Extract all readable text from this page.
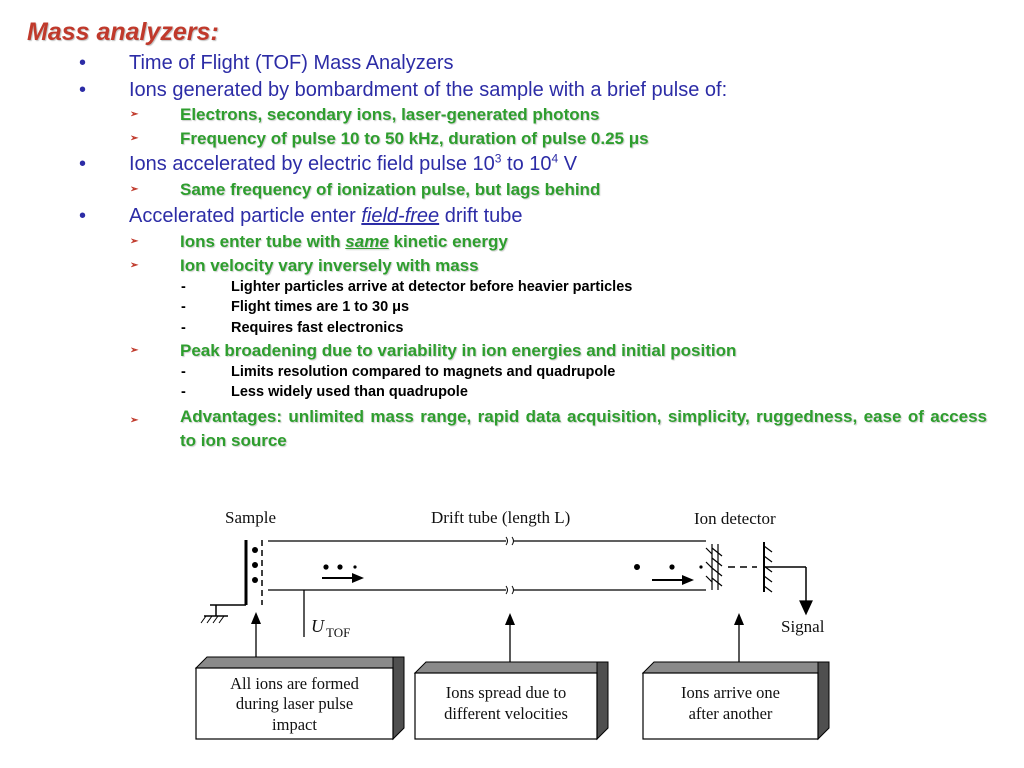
Mass analyzers:
• Time of Flight (TOF) Mass Analyzers
• Ions generated by bombardment of the sample with a brief pulse of:
➢ Electrons, secondary ions, laser-generated photons
➢ Frequency of pulse 10 to 50 kHz, duration of pulse 0.25 μs
• Ions accelerated by electric field pulse $10^3$ to $10^4$ V
➢ Same frequency of ionization pulse, but lags behind
• Accelerated particle enter field-free drift tube
➢ Ions enter tube with same kinetic energy
➢ Ion velocity vary inversely with mass
-	Lighter particles arrive at detector before heavier particles
-	Flight times are 1 to 30 μs
-	Requires fast electronics
➢ Peak broadening due to variability in ion energies and initial position
-	Limits resolution compared to magnets and quadrupole
-	Less widely used than quadrupole
➢ Advantages: unlimited mass range, rapid data acquisition, simplicity, ruggedness, ease of access to ion source
Sample	Drift tube (length L)	Ion detector
Signal
U TOF
All ions are formed
during laser pulse
impact
Ions spread due to
different velocities
Ions arrive one
after another
